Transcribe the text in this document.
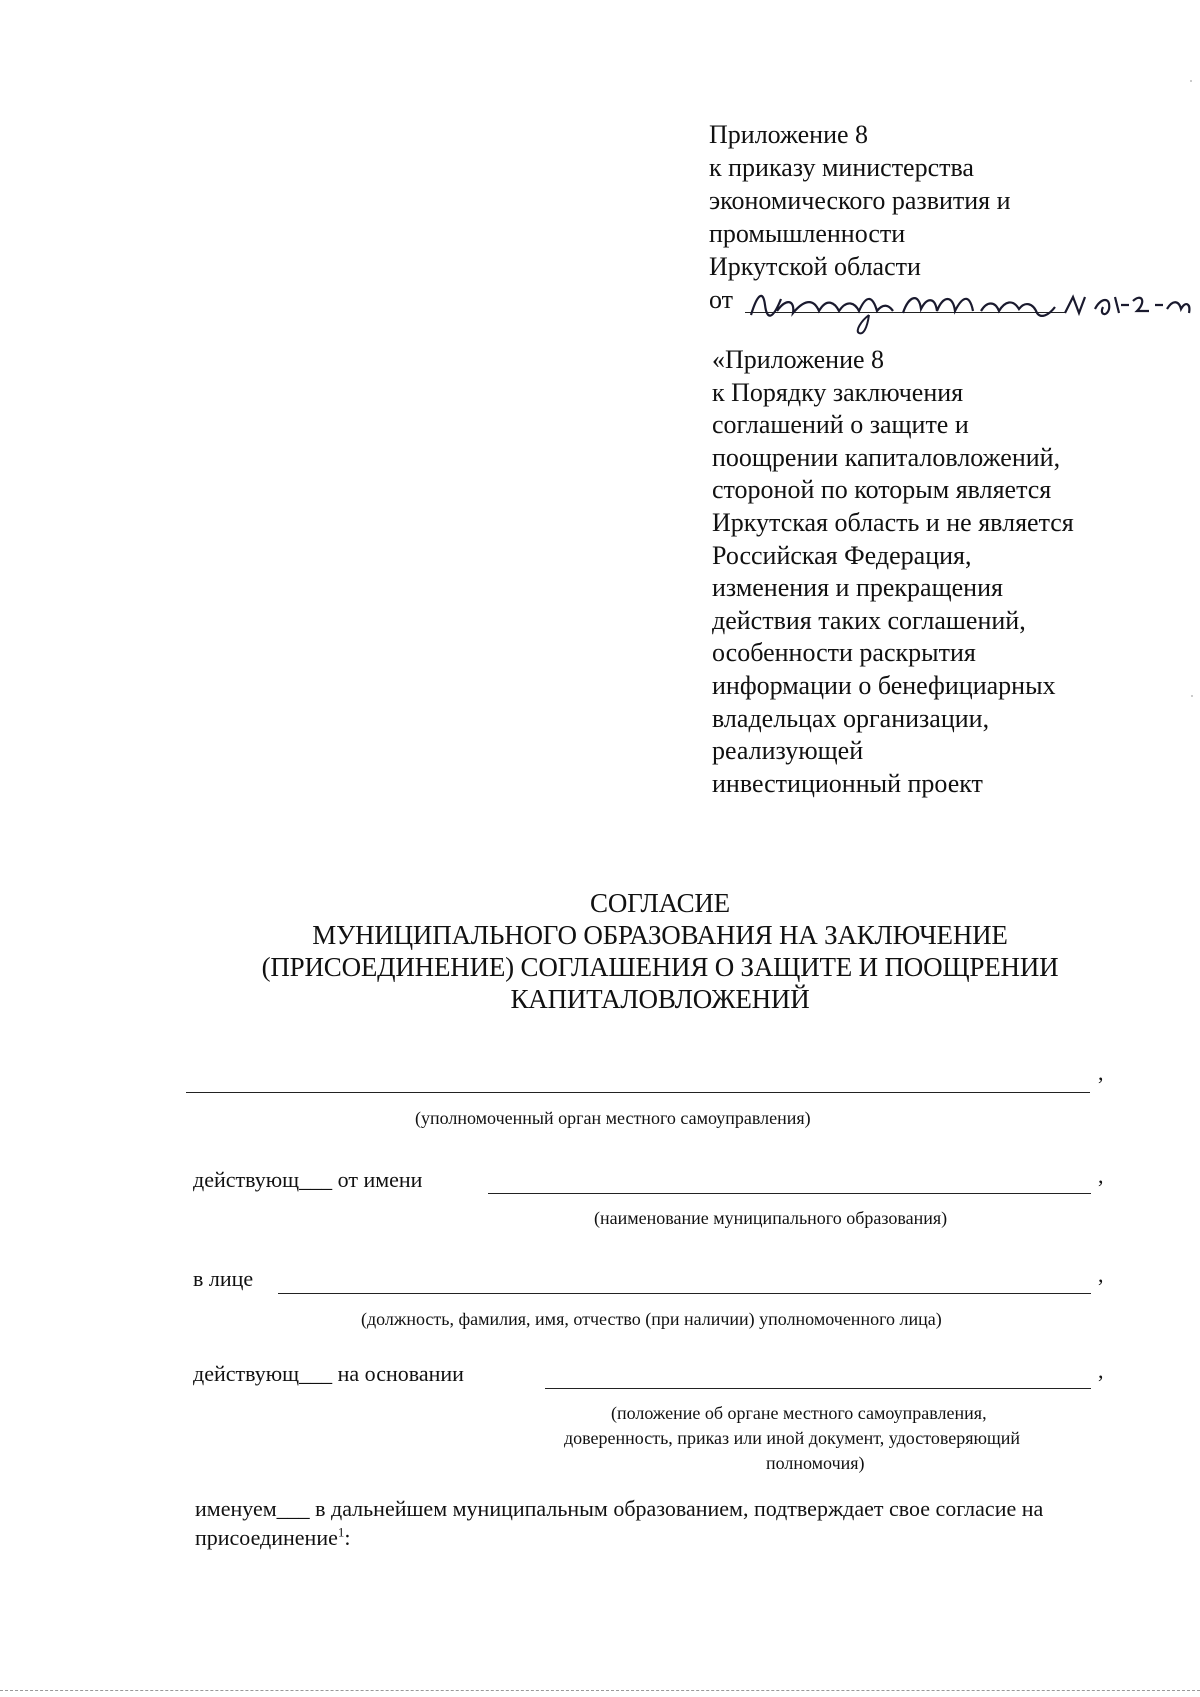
Приложение 8
к приказу министерства
экономического развития и
промышленности
Иркутской области
от
«Приложение 8
к Порядку заключения
соглашений о защите и
поощрении капиталовложений,
стороной по которым является
Иркутская область и не является
Российская Федерация,
изменения и прекращения
действия таких соглашений,
особенности раскрытия
информации о бенефициарных
владельцах организации,
реализующей
инвестиционный проект
СОГЛАСИЕ
МУНИЦИПАЛЬНОГО ОБРАЗОВАНИЯ НА ЗАКЛЮЧЕНИЕ
(ПРИСОЕДИНЕНИЕ) СОГЛАШЕНИЯ О ЗАЩИТЕ И ПООЩРЕНИИ
КАПИТАЛОВЛОЖЕНИЙ
,
(уполномоченный орган местного самоуправления)
действующ___ от имени	,
(наименование муниципального образования)
в лице	,
(должность, фамилия, имя, отчество (при наличии) уполномоченного лица)
действующ___ на основании	,
(положение об органе местного самоуправления,
доверенность, приказ или иной документ, удостоверяющий
полномочия)
именуем___ в дальнейшем муниципальным образованием, подтверждает свое согласие на
присоединение$^1$:
